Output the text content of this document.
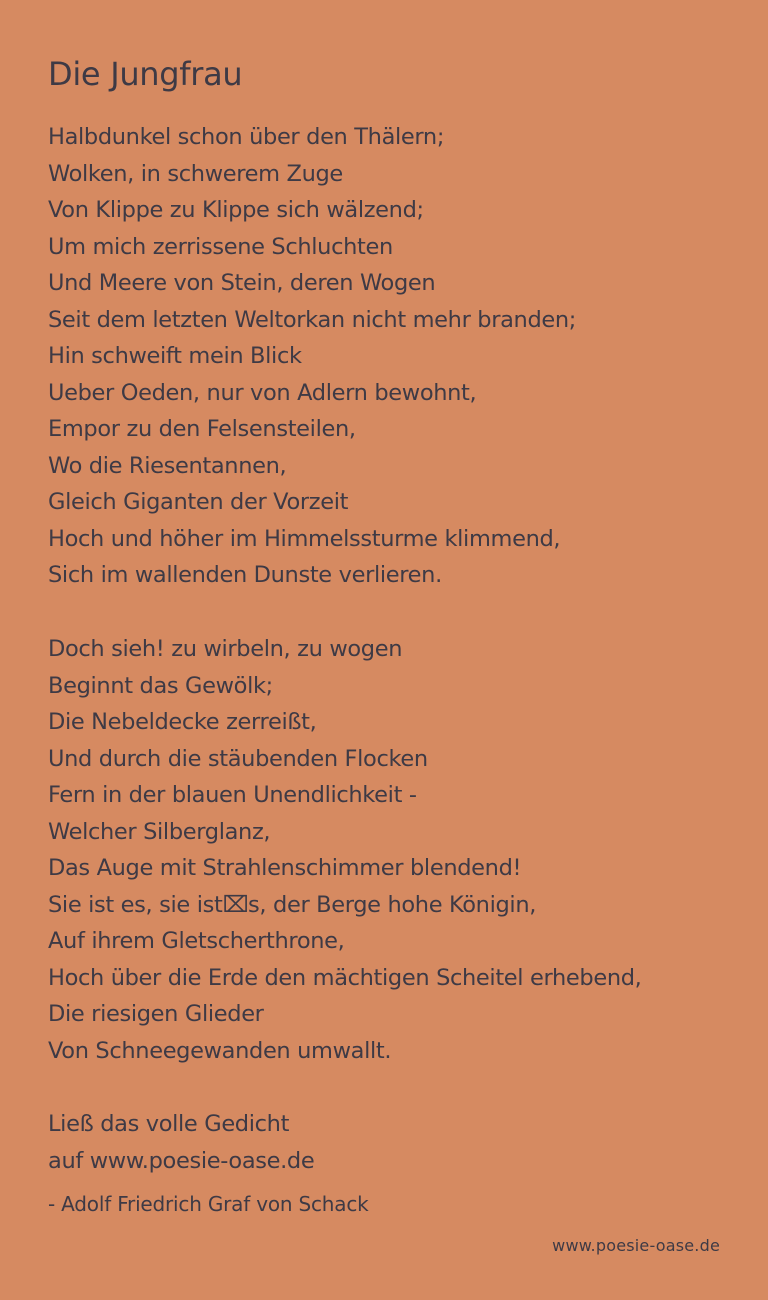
Die Jungfrau
Halbdunkel schon über den Thälern;
Wolken, in schwerem Zuge
Von Klippe zu Klippe sich wälzend;
Um mich zerrissene Schluchten
Und Meere von Stein, deren Wogen
Seit dem letzten Weltorkan nicht mehr branden;
Hin schweift mein Blick
Ueber Oeden, nur von Adlern bewohnt,
Empor zu den Felsensteilen,
Wo die Riesentannen,
Gleich Giganten der Vorzeit
Hoch und höher im Himmelssturme klimmend,
Sich im wallenden Dunste verlieren.
Doch sieh! zu wirbeln, zu wogen
Beginnt das Gewölk;
Die Nebeldecke zerreißt,
Und durch die stäubenden Flocken
Fern in der blauen Unendlichkeit -
Welcher Silberglanz,
Das Auge mit Strahlenschimmer blendend!
Sie ist es, sie ist⌧s, der Berge hohe Königin,
Auf ihrem Gletscherthrone,
Hoch über die Erde den mächtigen Scheitel erhebend,
Die riesigen Glieder
Von Schneegewanden umwallt.
Ließ das volle Gedicht
auf www.poesie-oase.de
- Adolf Friedrich Graf von Schack
www.poesie-oase.de
